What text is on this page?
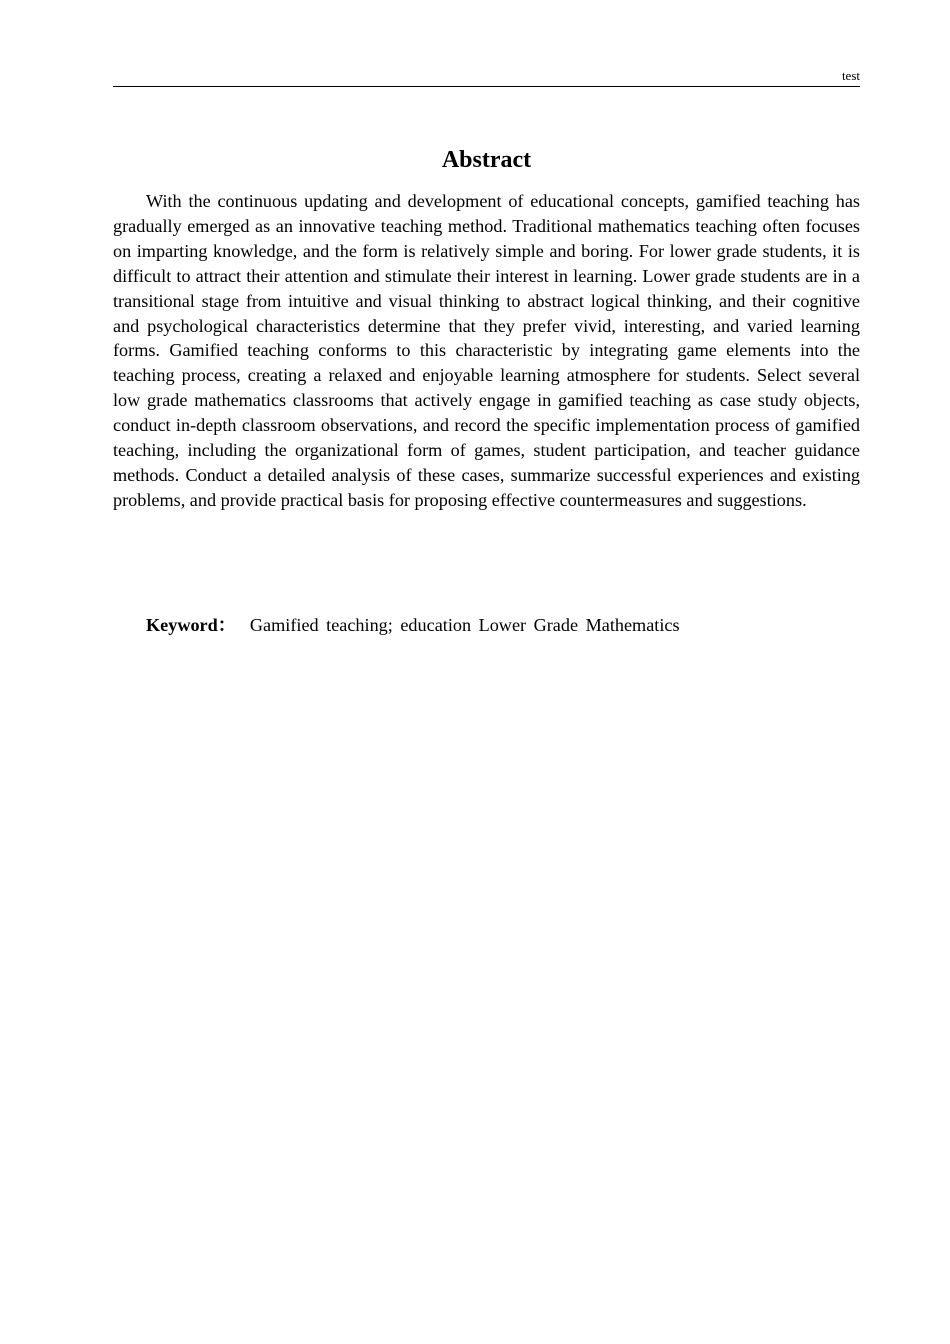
test
Abstract

With the continuous updating and development of educational concepts, gamified teaching has gradually emerged as an innovative teaching method. Traditional mathematics teaching often focuses on imparting knowledge, and the form is relatively simple and boring. For lower grade students, it is difficult to attract their attention and stimulate their interest in learning. Lower grade students are in a transitional stage from intuitive and visual thinking to abstract logical thinking, and their cognitive and psychological characteristics determine that they prefer vivid, interesting, and varied learning forms. Gamified teaching conforms to this characteristic by integrating game elements into the teaching process, creating a relaxed and enjoyable learning atmosphere for students. Select several low grade mathematics classrooms that actively engage in gamified teaching as case study objects, conduct in-depth classroom observations, and record the specific implementation process of gamified teaching, including the organizational form of games, student participation, and teacher guidance methods. Conduct a detailed analysis of these cases, summarize successful experiences and existing problems, and provide practical basis for proposing effective countermeasures and suggestions.

Keyword： Gamified teaching; education Lower Grade Mathematics
